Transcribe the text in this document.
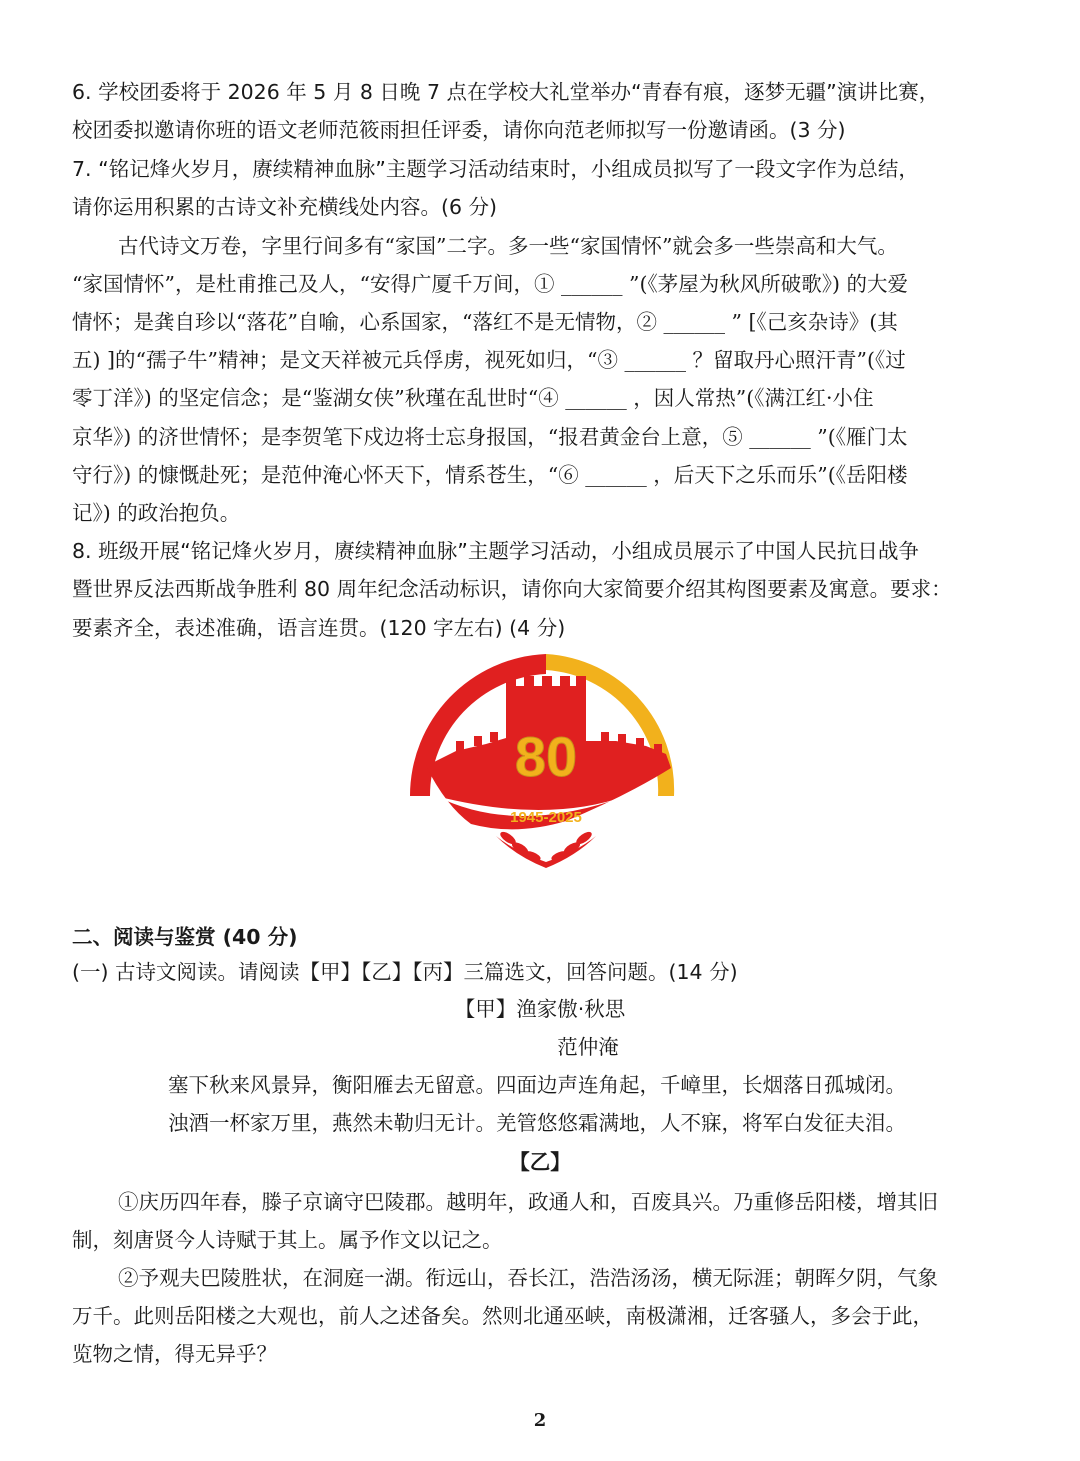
6. 学校团委将于 2026 年 5 月 8 日晚 7 点在学校大礼堂举办“青春有痕，逐梦无疆”演讲比赛，
校团委拟邀请你班的语文老师范筱雨担任评委，请你向范老师拟写一份邀请函。(3 分)
7. “铭记烽火岁月，赓续精神血脉”主题学习活动结束时，小组成员拟写了一段文字作为总结，
请你运用积累的古诗文补充横线处内容。(6 分)
古代诗文万卷，字里行间多有“家国”二字。多一些“家国情怀”就会多一些崇高和大气。
“家国情怀”，是杜甫推己及人，“安得广厦千万间，① ______ ”(《茅屋为秋风所破歌》) 的大爱
情怀；是龚自珍以“落花”自喻，心系国家，“落红不是无情物，② ______ ” [《己亥杂诗》(其
五) ]的“孺子牛”精神；是文天祥被元兵俘虏，视死如归，“③ ______ ？留取丹心照汗青”(《过
零丁洋》) 的坚定信念；是“鉴湖女侠”秋瑾在乱世时“④ ______ ，因人常热”(《满江红·小住
京华》) 的济世情怀；是李贺笔下戍边将士忘身报国，“报君黄金台上意，⑤ ______ ”(《雁门太
守行》) 的慷慨赴死；是范仲淹心怀天下，情系苍生，“⑥ ______ ，后天下之乐而乐”(《岳阳楼
记》) 的政治抱负。
8. 班级开展“铭记烽火岁月，赓续精神血脉”主题学习活动，小组成员展示了中国人民抗日战争
暨世界反法西斯战争胜利 80 周年纪念活动标识，请你向大家简要介绍其构图要素及寓意。要求：
要素齐全，表述准确，语言连贯。(120 字左右) (4 分)
80
1945-2025
二、阅读与鉴赏 (40 分)
(一) 古诗文阅读。请阅读【甲】【乙】【丙】三篇选文，回答问题。(14 分)
【甲】渔家傲·秋思
范仲淹
塞下秋来风景异，衡阳雁去无留意。四面边声连角起，千嶂里，长烟落日孤城闭。
浊酒一杯家万里，燕然未勒归无计。羌管悠悠霜满地，人不寐，将军白发征夫泪。
【乙】
①庆历四年春，滕子京谪守巴陵郡。越明年，政通人和，百废具兴。乃重修岳阳楼，增其旧
制，刻唐贤今人诗赋于其上。属予作文以记之。
②予观夫巴陵胜状，在洞庭一湖。衔远山，吞长江，浩浩汤汤，横无际涯；朝晖夕阴，气象
万千。此则岳阳楼之大观也，前人之述备矣。然则北通巫峡，南极潇湘，迁客骚人，多会于此，
览物之情，得无异乎？
2
